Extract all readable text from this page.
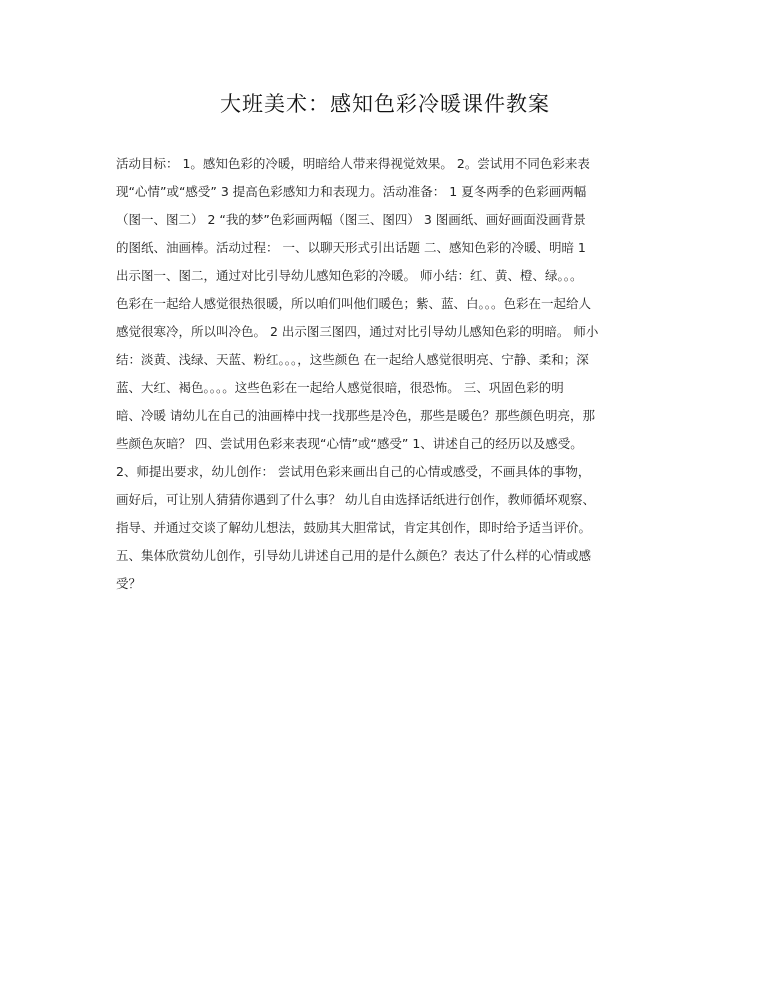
大班美术：感知色彩冷暖课件教案
活动目标： 1。感知色彩的冷暖，明暗给人带来得视觉效果。 2。尝试用不同色彩来表
现“心情”或“感受” 3 提高色彩感知力和表现力。活动准备： 1 夏冬两季的色彩画两幅
（图一、图二） 2 “我的梦”色彩画两幅（图三、图四） 3 图画纸、画好画面没画背景
的图纸、油画棒。活动过程： 一、以聊天形式引出话题 二、感知色彩的冷暖、明暗 1
出示图一、图二，通过对比引导幼儿感知色彩的冷暖。 师小结：红、黄、橙、绿。。。
色彩在一起给人感觉很热很暖，所以咱们叫他们暖色；紫、蓝、白。。。色彩在一起给人
感觉很寒冷，所以叫冷色。 2 出示图三图四，通过对比引导幼儿感知色彩的明暗。 师小
结：淡黄、浅绿、天蓝、粉红。。。，这些颜色 在一起给人感觉很明亮、宁静、柔和；深
蓝、大红、褐色。。。。这些色彩在一起给人感觉很暗，很恐怖。 三、巩固色彩的明
暗、冷暖 请幼儿在自己的油画棒中找一找那些是冷色，那些是暖色？那些颜色明亮，那
些颜色灰暗？ 四、尝试用色彩来表现“心情”或“感受” 1、讲述自己的经历以及感受。
2、师提出要求，幼儿创作： 尝试用色彩来画出自己的心情或感受，不画具体的事物，
画好后，可让别人猜猜你遇到了什么事？ 幼儿自由选择话纸进行创作，教师循坏观察、
指导、并通过交谈了解幼儿想法，鼓励其大胆常试，肯定其创作，即时给予适当评价。
五、集体欣赏幼儿创作，引导幼儿讲述自己用的是什么颜色？表达了什么样的心情或感
受？
